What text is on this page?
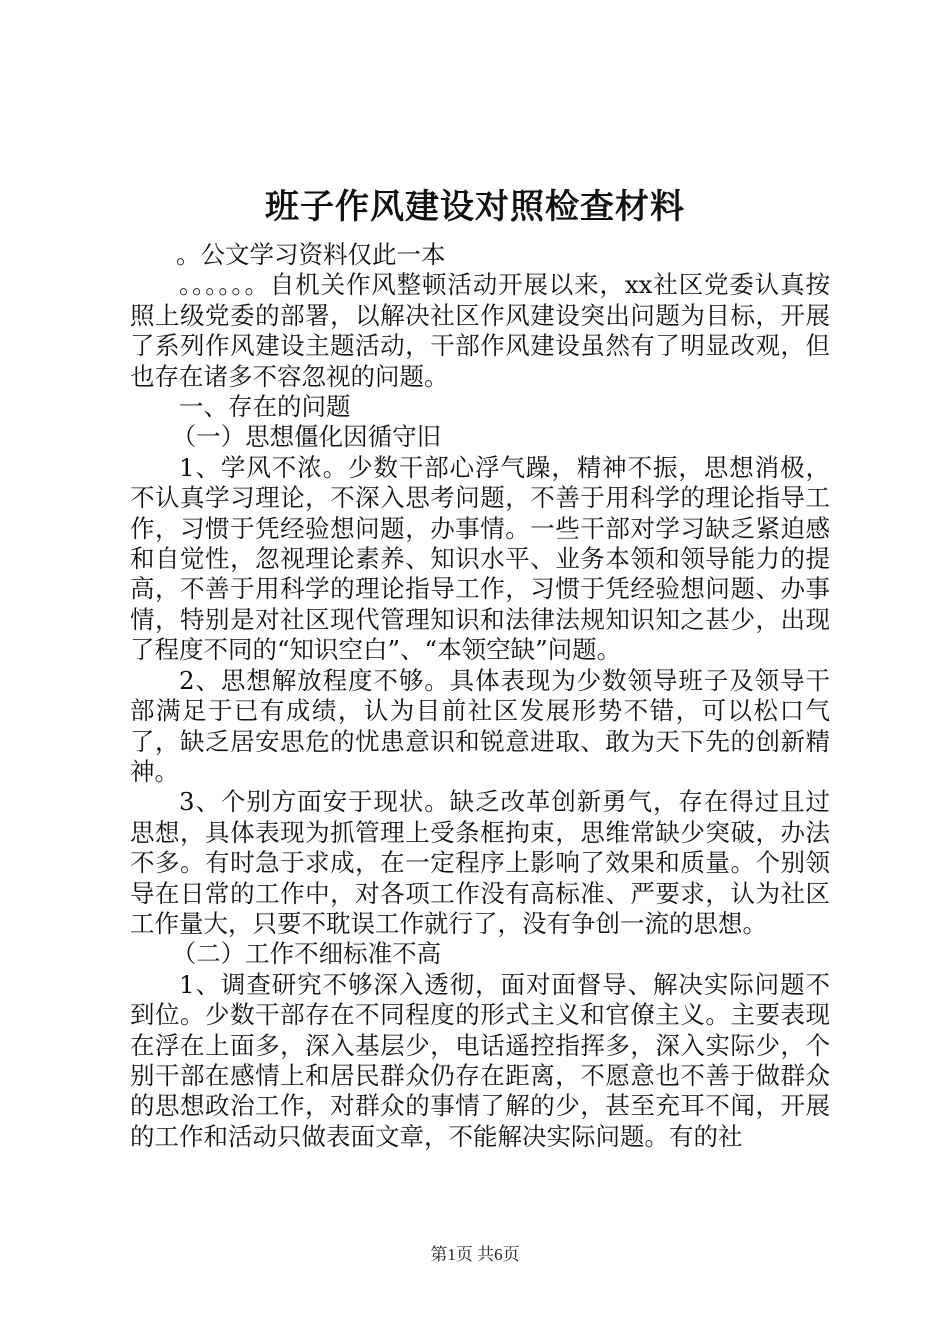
班子作风建设对照检查材料

。公文学习资料仅此一本

。。。。。。自机关作风整顿活动开展以来，xx社区党委认真按照上级党委的部署，以解决社区作风建设突出问题为目标，开展了系列作风建设主题活动，干部作风建设虽然有了明显改观，但也存在诸多不容忽视的问题。

一、存在的问题

（一）思想僵化因循守旧

1、学风不浓。少数干部心浮气躁，精神不振，思想消极，不认真学习理论，不深入思考问题，不善于用科学的理论指导工作，习惯于凭经验想问题，办事情。一些干部对学习缺乏紧迫感和自觉性，忽视理论素养、知识水平、业务本领和领导能力的提高，不善于用科学的理论指导工作，习惯于凭经验想问题、办事情，特别是对社区现代管理知识和法律法规知识知之甚少，出现了程度不同的“知识空白”、“本领空缺”问题。

2、思想解放程度不够。具体表现为少数领导班子及领导干部满足于已有成绩，认为目前社区发展形势不错，可以松口气了，缺乏居安思危的忧患意识和锐意进取、敢为天下先的创新精神。

3、个别方面安于现状。缺乏改革创新勇气，存在得过且过思想，具体表现为抓管理上受条框拘束，思维常缺少突破，办法不多。有时急于求成，在一定程序上影响了效果和质量。个别领导在日常的工作中，对各项工作没有高标准、严要求，认为社区工作量大，只要不耽误工作就行了，没有争创一流的思想。

（二）工作不细标准不高

1、调查研究不够深入透彻，面对面督导、解决实际问题不到位。少数干部存在不同程度的形式主义和官僚主义。主要表现在浮在上面多，深入基层少，电话遥控指挥多，深入实际少，个别干部在感情上和居民群众仍存在距离，不愿意也不善于做群众的思想政治工作，对群众的事情了解的少，甚至充耳不闻，开展的工作和活动只做表面文章，不能解决实际问题。有的社

第1页 共6页
